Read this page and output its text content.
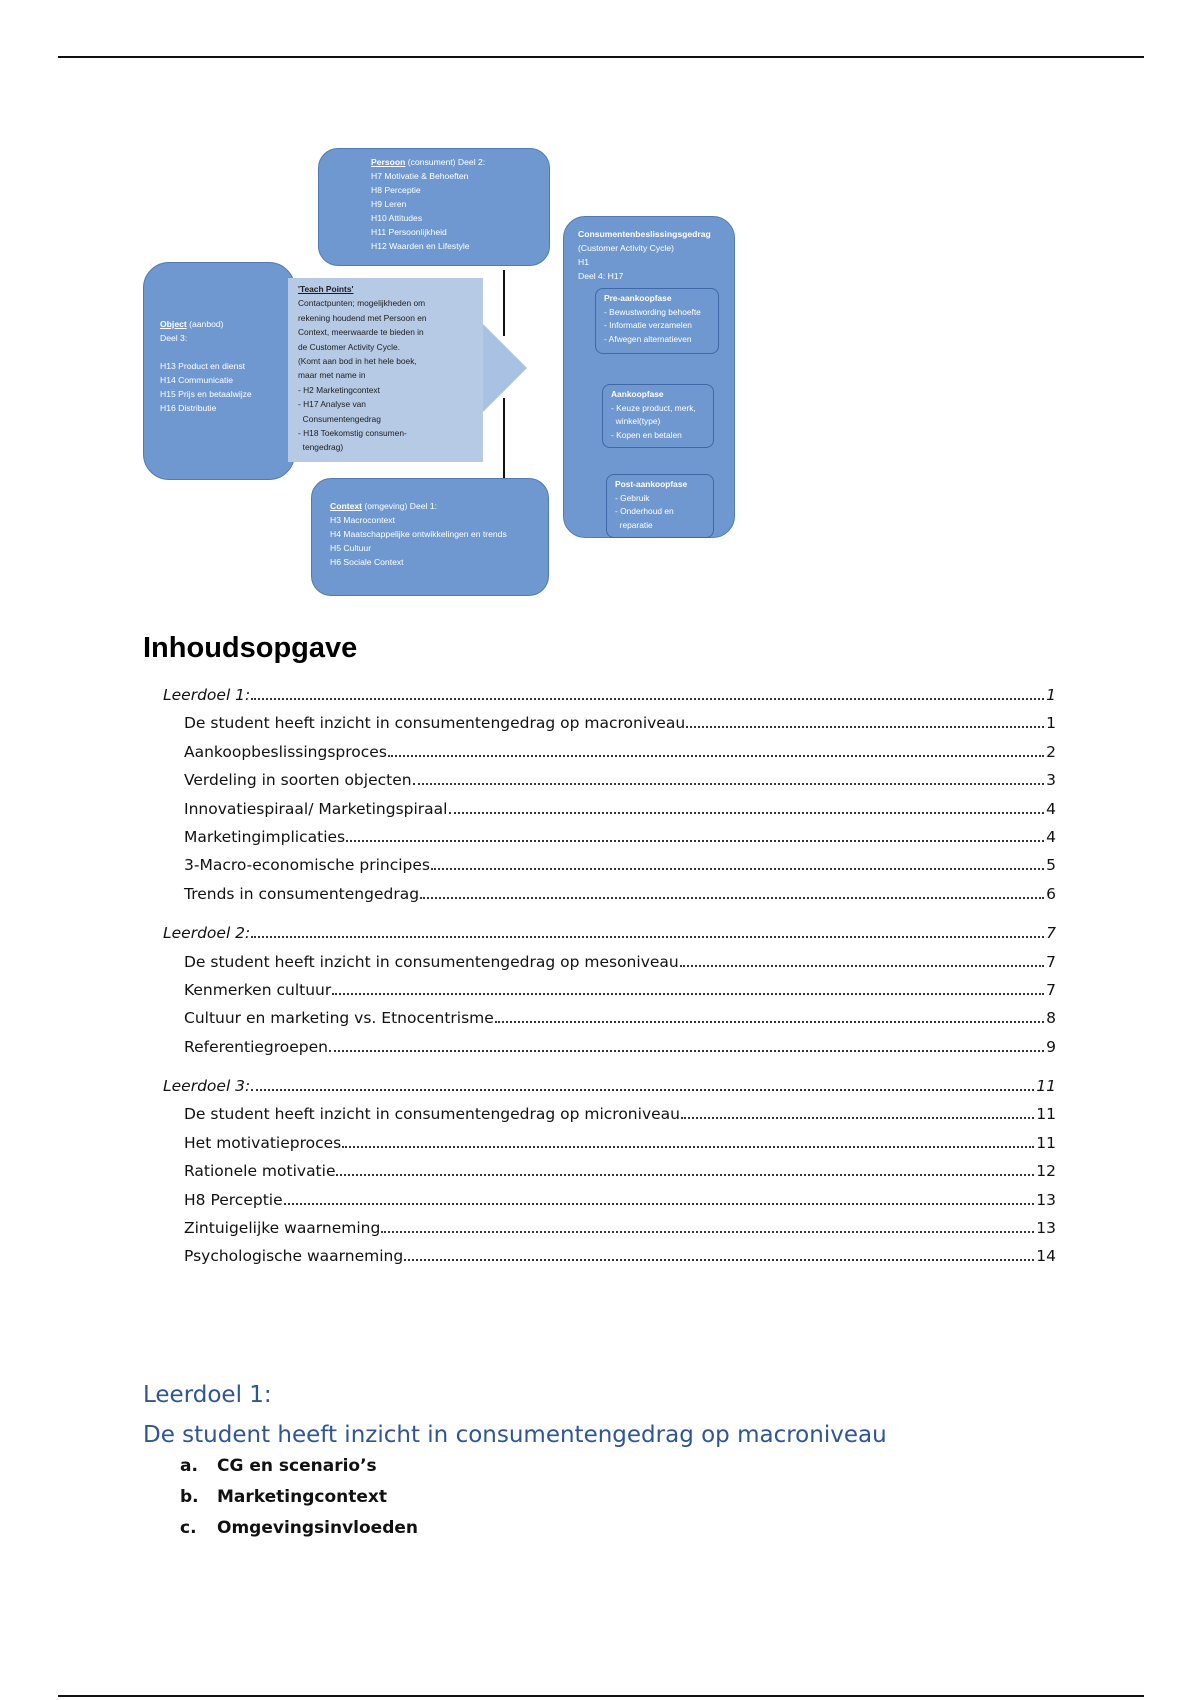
Persoon (consument) Deel 2:
H7 Motivatie & Behoeften
H8 Perceptie
H9 Leren
H10 Attitudes
H11 Persoonlijkheid
H12 Waarden en Lifestyle
Object (aanbod)
Deel 3:

H13 Product en dienst
H14 Communicatie
H15 Prijs en betaalwijze
H16 Distributie
'Teach Points'
Contactpunten; mogelijkheden om
rekening houdend met Persoon en
Context, meerwaarde te bieden in
de Customer Activity Cycle.
(Komt aan bod in het hele boek,
maar met name in
- H2 Marketingcontext
- H17 Analyse van
Consumentengedrag
- H18 Toekomstig consumen-
tengedrag)
Context (omgeving) Deel 1:
H3 Macrocontext
H4 Maatschappelijke ontwikkelingen en trends
H5 Cultuur
H6 Sociale Context
Consumentenbeslissingsgedrag
(Customer Activity Cycle)
H1
Deel 4: H17
Pre-aankoopfase
- Bewustwording behoefte
- Informatie verzamelen
- Afwegen alternatieven
Aankoopfase
- Keuze product, merk,
winkel(type)
- Kopen en betalen
Post-aankoopfase
- Gebruik
- Onderhoud en
reparatie
Inhoudsopgave
Leerdoel 1:	1
De student heeft inzicht in consumentengedrag op macroniveau	1
Aankoopbeslissingsproces	2
Verdeling in soorten objecten	3
Innovatiespiraal/ Marketingspiraal	4
Marketingimplicaties	4
3-Macro-economische principes	5
Trends in consumentengedrag	6
Leerdoel 2:	7
De student heeft inzicht in consumentengedrag op mesoniveau	7
Kenmerken cultuur	7
Cultuur en marketing vs. Etnocentrisme	8
Referentiegroepen	9
Leerdoel 3:	11
De student heeft inzicht in consumentengedrag op microniveau	11
Het motivatieproces	11
Rationele motivatie	12
H8 Perceptie	13
Zintuigelijke waarneming	13
Psychologische waarneming	14
Leerdoel 1:
De student heeft inzicht in consumentengedrag op macroniveau
a.	CG en scenario’s
b.	Marketingcontext
c.	Omgevingsinvloeden
